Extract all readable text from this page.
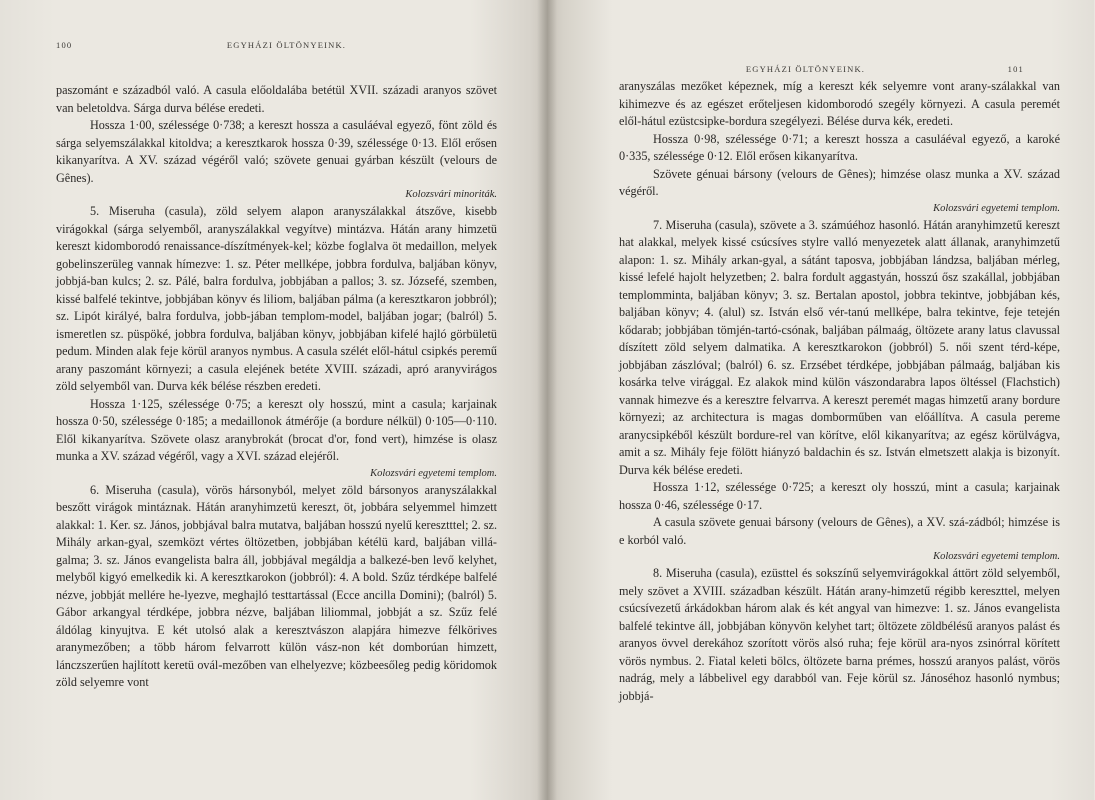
100	EGYHÁZI ÖLTÖNYEINK.

paszománt e századból való. A casula előoldalába betétül XVII. századi aranyos szövet van beletoldva. Sárga durva bélése eredeti.

Hossza 1·00, szélessége 0·738; a kereszt hossza a casuláéval egyező, fönt zöld és sárga selyemszálakkal kitoldva; a keresztkarok hossza 0·39, szélessége 0·13. Elől erősen kikanyarítva. A XV. század végéről való; szövete genuai gyárban készült (velours de Gênes).

Kolozsvári minoriták.

5. Miseruha (casula), zöld selyem alapon aranyszálakkal átszőve, kisebb virágokkal (sárga selyemből, aranyszálakkal vegyítve) mintázva. Hátán arany himzetü kereszt kidomborodó renaissance-díszítmények-kel; közbe foglalva öt medaillon, melyek gobelinszerüleg vannak hímezve: 1. sz. Péter mellképe, jobbra fordulva, baljában könyv, jobbjá-ban kulcs; 2. sz. Pálé, balra fordulva, jobbjában a pallos; 3. sz. Józsefé, szemben, kissé balfelé tekintve, jobbjában könyv és liliom, baljában pálma (a keresztkaron jobbról); sz. Lipót királyé, balra fordulva, jobb-jában templom-model, baljában jogar; (balról) 5. ismeretlen sz. püspöké, jobbra fordulva, baljában könyv, jobbjában kifelé hajló görbületü pedum. Minden alak feje körül aranyos nymbus. A casula szélét elől-hátul csipkés peremű arany paszománt környezi; a casula elejének betéte XVIII. századi, apró aranyvirágos zöld selyemből van. Durva kék bélése részben eredeti.

Hossza 1·125, szélessége 0·75; a kereszt oly hosszú, mint a casula; karjainak hossza 0·50, szélessége 0·185; a medaillonok átmérője (a bordure nélkül) 0·105—0·110. Elől kikanyarítva. Szövete olasz aranybrokát (brocat d'or, fond vert), himzése is olasz munka a XV. század végéről, vagy a XVI. század elejéről.

Kolozsvári egyetemi templom.

6. Miseruha (casula), vörös hársonyból, melyet zöld bársonyos aranyszálakkal beszőtt virágok mintáznak. Hátán aranyhimzetü kereszt, öt, jobbára selyemmel himzett alakkal: 1. Ker. sz. János, jobbjával balra mutatva, baljában hosszú nyelű keresztttel; 2. sz. Mihály arkan-gyal, szemközt vértes öltözetben, jobbjában kétélü kard, baljában villá-galma; 3. sz. János evangelista balra áll, jobbjával megáldja a balkezé-ben levő kelyhet, melyből kigyó emelkedik ki. A keresztkarokon (jobbról): 4. A bold. Szűz térdképe balfelé nézve, jobbját mellére he-lyezve, meghajló testtartással (Ecce ancilla Domini); (balról) 5. Gábor arkangyal térdképe, jobbra nézve, baljában liliommal, jobbját a sz. Szűz felé áldólag kinyujtva. E két utolsó alak a keresztvászon alapjára himezve félkörives aranymezőben; a több három felvarrott külön vász-non két domborúan himzett, lánczszerűen hajlított keretü ovál-mezőben van elhelyezve; közbeesőleg pedig köridomok zöld selyemre vont

EGYHÁZI ÖLTÖNYEINK.	101

aranyszálas mezőket képeznek, míg a kereszt kék selyemre vont arany-szálakkal van kihimezve és az egészet erőteljesen kidomborodó szegély környezi. A casula peremét elől-hátul ezüstcsipke-bordura szegélyezi. Bélése durva kék, eredeti.

Hossza 0·98, szélessége 0·71; a kereszt hossza a casuláéval egyező, a karoké 0·335, szélessége 0·12. Elől erősen kikanyarítva.

Szövete génuai bársony (velours de Gênes); himzése olasz munka a XV. század végéről.

Kolozsvári egyetemi templom.

7. Miseruha (casula), szövete a 3. számúéhoz hasonló. Hátán aranyhimzetű kereszt hat alakkal, melyek kissé csúcsíves stylre valló menyezetek alatt állanak, aranyhimzetű alapon: 1. sz. Mihály arkan-gyal, a sátánt taposva, jobbjában lándzsa, baljában mérleg, kissé lefelé hajolt helyzetben; 2. balra fordult aggastyán, hosszú ősz szakállal, jobbjában templomminta, baljában könyv; 3. sz. Bertalan apostol, jobbra tekintve, jobbjában kés, baljában könyv; 4. (alul) sz. István első vér-tanú mellképe, balra tekintve, feje tetején kődarab; jobbjában tömjén-tartó-csónak, baljában pálmaág, öltözete arany latus clavussal díszített zöld selyem dalmatika. A keresztkarokon (jobbról) 5. női szent térd-képe, jobbjában zászlóval; (balról) 6. sz. Erzsébet térdképe, jobbjában pálmaág, baljában kis kosárka telve virággal. Ez alakok mind külön vászondarabra lapos öltéssel (Flachstich) vannak himezve és a keresztre felvarrva. A kereszt peremét magas himzetű arany bordure környezi; az architectura is magas domborműben van előállítva. A casula pereme aranycsipkéből készült bordure-rel van körítve, elől kikanyarítva; az egész körülvágva, amit a sz. Mihály feje fölött hiányzó baldachin és sz. István elmetszett alakja is bizonyít. Durva kék bélése eredeti.

Hossza 1·12, szélessége 0·725; a kereszt oly hosszú, mint a casula; karjainak hossza 0·46, szélessége 0·17.

A casula szövete genuai bársony (velours de Gênes), a XV. szá-zádból; himzése is e korból való.

Kolozsvári egyetemi templom.

8. Miseruha (casula), ezüsttel és sokszínű selyemvirágokkal áttört zöld selyemből, mely szövet a XVIII. században készült. Hátán arany-himzetű régibb kereszttel, melyen csúcsívezetű árkádokban három alak és két angyal van himezve: 1. sz. János evangelista balfelé tekintve áll, jobbjában könyvön kelyhet tart; öltözete zöldbélésű aranyos palást és aranyos övvel derekához szorított vörös alsó ruha; feje körül ara-nyos zsinórral körített vörös nymbus. 2. Fiatal keleti bölcs, öltözete barna prémes, hosszú aranyos palást, vörös nadrág, mely a lábbelivel egy darabból van. Feje körül sz. Jánoséhoz hasonló nymbus; jobbjá-
